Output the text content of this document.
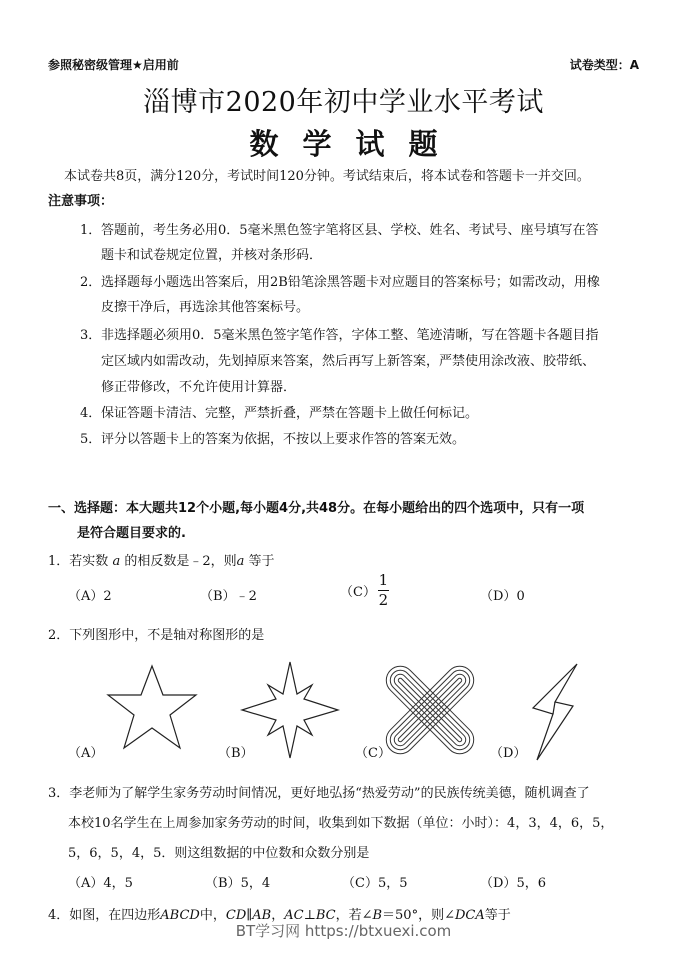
参照秘密级管理★启用前	试卷类型：A
淄博市2020年初中学业水平考试
数学试题
本试卷共8页，满分120分，考试时间120分钟。考试结束后，将本试卷和答题卡一并交回。
注意事项：
1． 答题前，考生务必用0．5毫米黑色签字笔将区县、学校、姓名、考试号、座号填写在答
题卡和试卷规定位置，并核对条形码．
2． 选择题每小题选出答案后，用2B铅笔涂黑答题卡对应题目的答案标号；如需改动，用橡
皮擦干净后，再选涂其他答案标号。
3． 非选择题必须用0．5毫米黑色签字笔作答，字体工整、笔迹清晰，写在答题卡各题目指
定区域内如需改动，先划掉原来答案，然后再写上新答案，严禁使用涂改液、胶带纸、
修正带修改，不允许使用计算器．
4． 保证答题卡清洁、完整，严禁折叠，严禁在答题卡上做任何标记。
5． 评分以答题卡上的答案为依据，不按以上要求作答的答案无效。
一、选择题：本大题共12个小题,每小题4分,共48分。在每小题给出的四个选项中，只有一项
是符合题目要求的.
1．若实数 a 的相反数是﹣2，则a 等于
（A）2	（B）﹣2	$(C) \frac{1}{2}$	（D）0
2．下列图形中，不是轴对称图形的是
（A）	（B）	（C）	（D）
3．李老师为了解学生家务劳动时间情况，更好地弘扬“热爱劳动”的民族传统美德，随机调查了
本校10名学生在上周参加家务劳动的时间，收集到如下数据（单位：小时）：4，3，4，6，5，
5，6，5，4，5．则这组数据的中位数和众数分别是
（A）4，5	（B）5，4	（C）5，5	（D）5，6
4．如图，在四边形ABCD中，CD∥AB，AC⊥BC，若∠B＝50°，则∠DCA等于
BT学习网 https://btxuexi.com
